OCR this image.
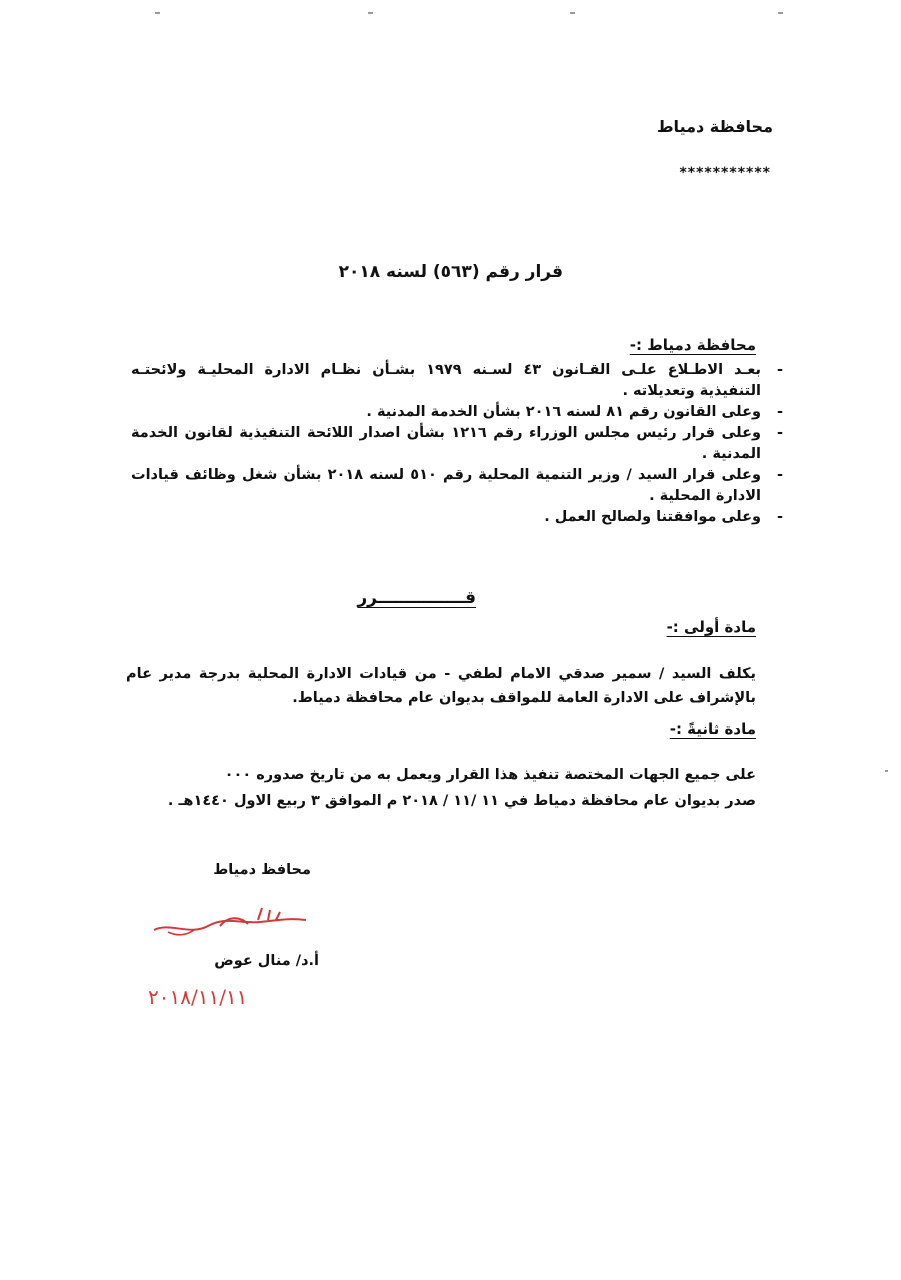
محافظة دمياط
***********
قرار رقم (٥٦٣) لسنه ٢٠١٨
محافظة دمياط :-
- بعـد الاطـلاع علـى القـانون ٤٣ لسـنه ١٩٧٩ بشـأن نظـام الادارة المحليـة ولائحتـه التنفيذية وتعديلاته .
- وعلى القانون رقم ٨١ لسنه ٢٠١٦ بشأن الخدمة المدنية .
- وعلى قرار رئيس مجلس الوزراء رقم ١٢١٦ بشأن اصدار اللائحة التنفيذية لقانون الخدمة المدنية .
- وعلى قرار السيد / وزير التنمية المحلية رقم ٥١٠ لسنه ٢٠١٨ بشأن شغل وظائف قيادات الادارة المحلية .
- وعلى موافقتنا ولصالح العمل .
قـــــــــــــــرر
مادة أولى :-
يكلف السيد / سمير صدقي الامام لطفي - من قيادات الادارة المحلية بدرجة مدير عام بالإشراف على الادارة العامة للمواقف بديوان عام محافظة دمياط.
مادة ثانيةً :-
على جميع الجهات المختصة تنفيذ هذا القرار ويعمل به من تاريخ صدوره ٠٠٠
صدر بديوان عام محافظة دمياط في ١١ /١١ / ٢٠١٨ م الموافق ٣ ربيع الاول ١٤٤٠هـ .
محافظ دمياط
أ.د/ منال عوض
٢٠١٨/١١/١١
